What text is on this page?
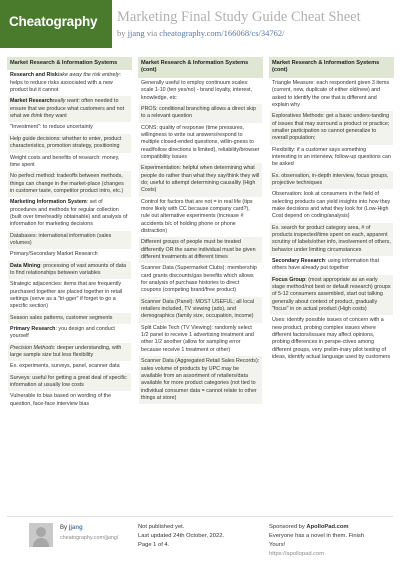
Cheatography Marketing Final Study Guide Cheat Sheet
by jjang via cheatography.com/166068/cs/34762/
Market Research & Information Systems
Research and Risktake away the risk entirely: helps to reduce risks associated with a new product but it cannot
Market Researchreally want: often needed to ensure that we produce what customers and not what we think they want
"Investment": to reduce uncertainty
Help guide decisions: whether to enter, product characteristics, promotion strategy, positioning
Weight costs and benefits of research: money, time spent
No perfect method: tradeoffs between methods, things can change in the market-place (changes in customer taste, competitor product intro, etc.)
Marketing Information System: set of procedures and methods for regular collection (built over time/readily obtainable) and analysis of information for marketing decisions
Databases: international information (sales volumes)
Primary/Secondary Market Research
Data Mining: processing of vast amounts of data to find relationships between variables
Strategic adjacencies: items that are frequently purchased together are placed together in retail settings (serve as a "tri-gger" if forget to go a specific section)
Season sales patterns, customer segments
Primary Research: you design and conduct yourself
Precision Methods: deeper understanding, with large sample size but less flexibility
Ex. experiments, surveys, panel, scanner data
Surveys: useful for getting a great deal of specific information at usually low costs
Vulnerable to bias based on wording of the question, face-face interview bias
Market Research & Information Systems (cont)
Generally useful to employ continuum scales: scale 1-10 (ten yes/no) - brand loyalty, interest, knowledge, etc
PROS: conditional branching allows a direct skip to a relevant question
CONS: quality of response (time pressures, willingness to write out answers/respond to multiple closed-ended questions, willin-gness to read/follow directions is limited), reliability/browser compatibility issues
Experimentation: helpful when determining what people do rather than what they say/think they will do; useful to attempt determining causality (High Costs)
Control for factors that are not = in real life (tips more likely with CC because company card?), rule out alternative experiments (increase # accidents b/c of holding phone or phone distraction)
Different groups of people must be treated differently OR the same individual must be given different treatments at different times
Scanner Data (Supermarket Clubs): membership card grants discounts/gas benefits which allows for analysis of purchase histories to direct coupons (competing brand/free product)
Scanner Data (Panel): MOST USEFUL; all local retailers included, TV viewing (ads), and demographics (family size, occupation, income)
Split Cable Tech (TV Viewing): randomly select 1/2 panel to receive 1 advertising treatment and other 1/2 another (allow for sampling error because receive 1 treatment or other)
Scanner Data (Aggregated Retail Sales Records): sales volume of products by UPC may be available from an assortment of retailers/data available for more product categories (not tied to individual consumer data = cannot relate to other things at store)
Market Research & Information Systems (cont)
Triangle Measure: each respondent given 3 items (current, new, duplicate of either old/new) and asked to identify the one that is different and explain why
Exploratives Methods: get a basic unders-tanding of issues that may surround a product or practice; smaller participation so cannot generalize to overall population;
Flexibility: if a customer says something interesting in an interview, follow-up questions can be asked
Ex. observation, in-depth interview, focus groups, projective techniques
Observation: look at consumers in the field of selecting products can yield insights into how they make decisions and what they look for (Low-High Cost depend on coding/analysis)
Ex. search for product category area, # of products inspected/time spent on each, apparent scrutiny of labels/other info, involvement of others, behavior under limiting circumstances
Secondary Research: using information that others have already put together
Focus Group: (most appropriate as an early stage method/not best or default research) groups of 5-12 consumers assembled, start out talking generally about context of product, gradually "focus" in on actual product (High costs)
Uses: identify possible issues of concern with a new product, probing complex issues where different factors/issues may affect opinions, probing differences in perspe-ctives among different groups, very prelim-inary pilot testing of ideas, identify actual language used by customers
By jjang
cheatography.com/jjang/
Not published yet.
Last updated 24th October, 2022.
Page 1 of 4.
Sponsored by ApolloPad.com
Everyone has a novel in them. Finish
Yours!
https://apollopad.com
